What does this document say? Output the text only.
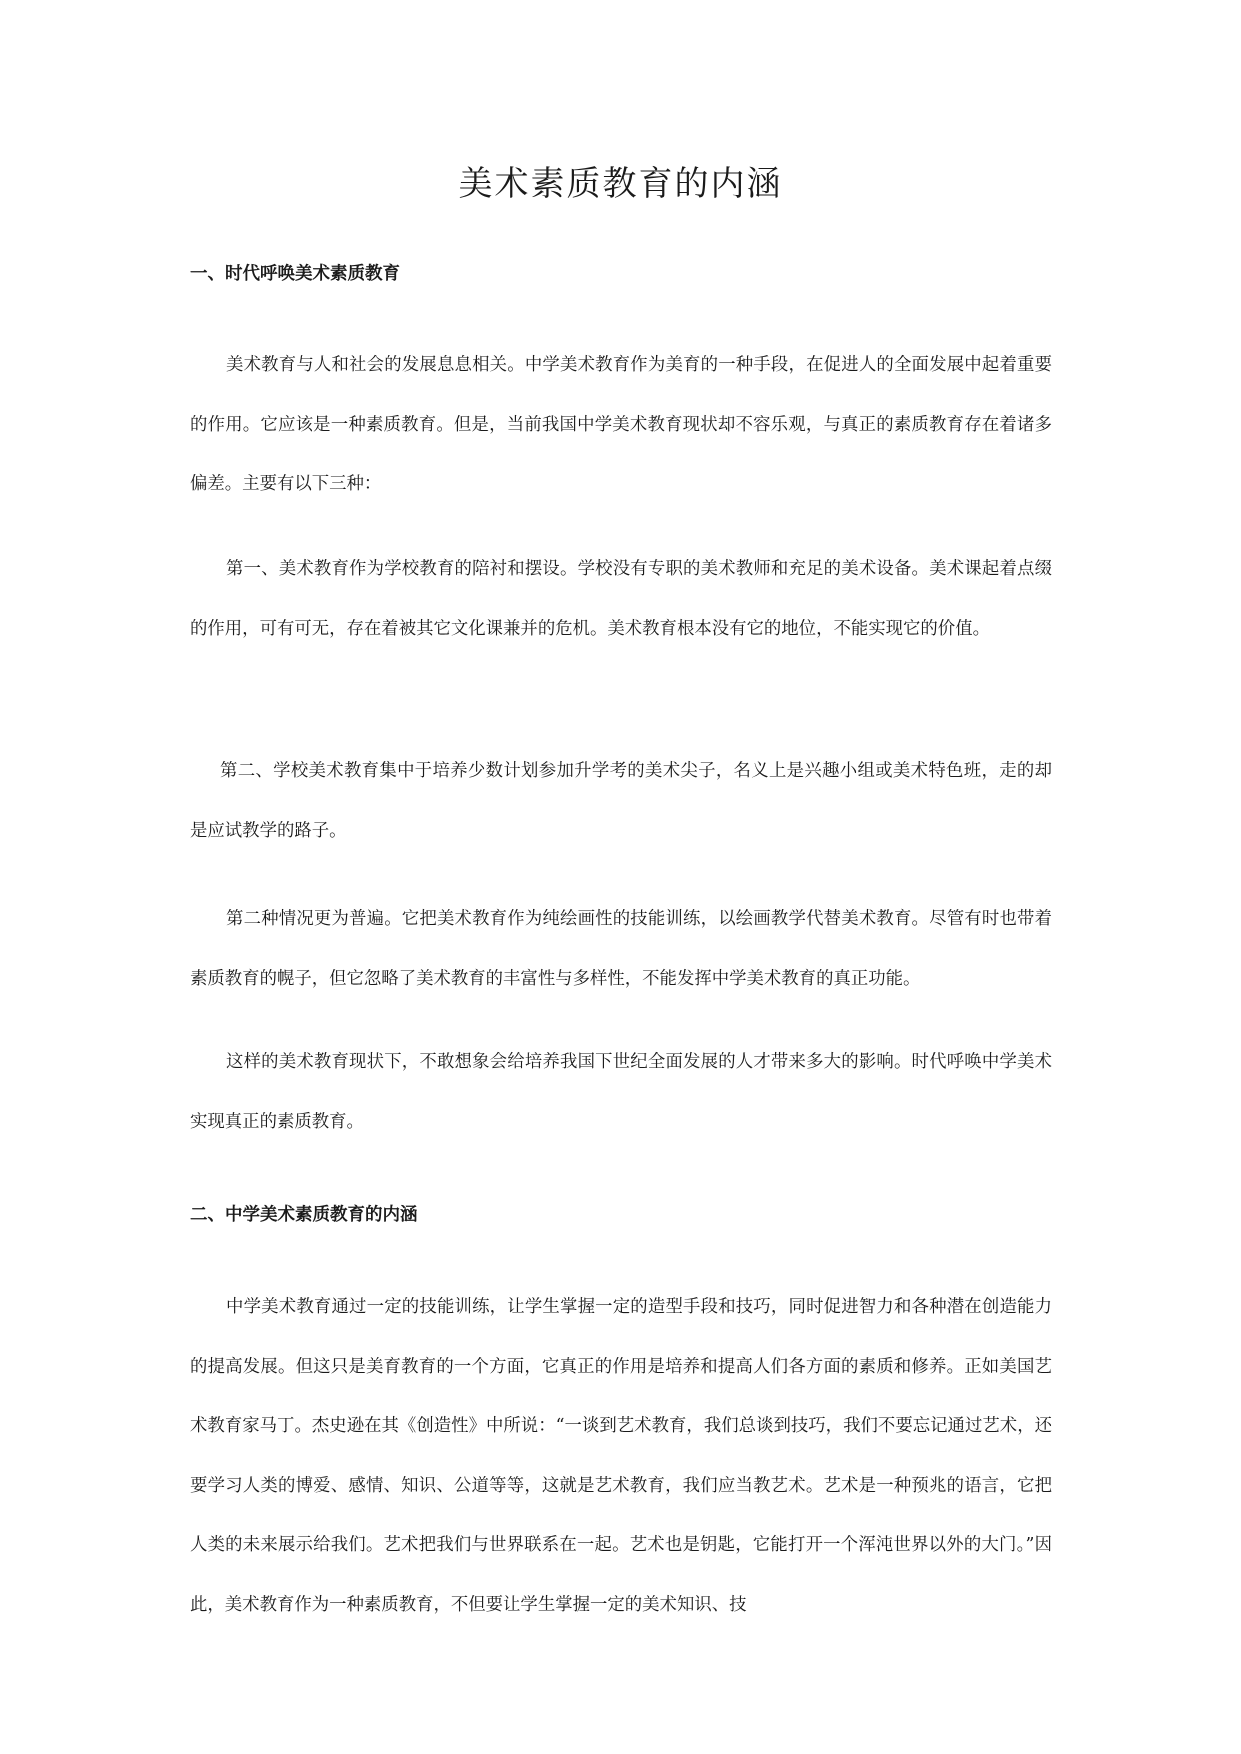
美术素质教育的内涵
一、时代呼唤美术素质教育

美术教育与人和社会的发展息息相关。中学美术教育作为美育的一种手段，在促进人的全面发展中起着重要的作用。它应该是一种素质教育。但是，当前我国中学美术教育现状却不容乐观，与真正的素质教育存在着诸多偏差。主要有以下三种：

第一、美术教育作为学校教育的陪衬和摆设。学校没有专职的美术教师和充足的美术设备。美术课起着点缀的作用，可有可无，存在着被其它文化课兼并的危机。美术教育根本没有它的地位，不能实现它的价值。

第二、学校美术教育集中于培养少数计划参加升学考的美术尖子，名义上是兴趣小组或美术特色班，走的却是应试教学的路子。

第二种情况更为普遍。它把美术教育作为纯绘画性的技能训练，以绘画教学代替美术教育。尽管有时也带着素质教育的幌子，但它忽略了美术教育的丰富性与多样性，不能发挥中学美术教育的真正功能。

这样的美术教育现状下，不敢想象会给培养我国下世纪全面发展的人才带来多大的影响。时代呼唤中学美术实现真正的素质教育。

二、中学美术素质教育的内涵

中学美术教育通过一定的技能训练，让学生掌握一定的造型手段和技巧，同时促进智力和各种潜在创造能力的提高发展。但这只是美育教育的一个方面，它真正的作用是培养和提高人们各方面的素质和修养。正如美国艺术教育家马丁。杰史逊在其《创造性》中所说：“一谈到艺术教育，我们总谈到技巧，我们不要忘记通过艺术，还要学习人类的博爱、感情、知识、公道等等，这就是艺术教育，我们应当教艺术。艺术是一种预兆的语言，它把人类的未来展示给我们。艺术把我们与世界联系在一起。艺术也是钥匙，它能打开一个浑沌世界以外的大门。”因此，美术教育作为一种素质教育，不但要让学生掌握一定的美术知识、技
